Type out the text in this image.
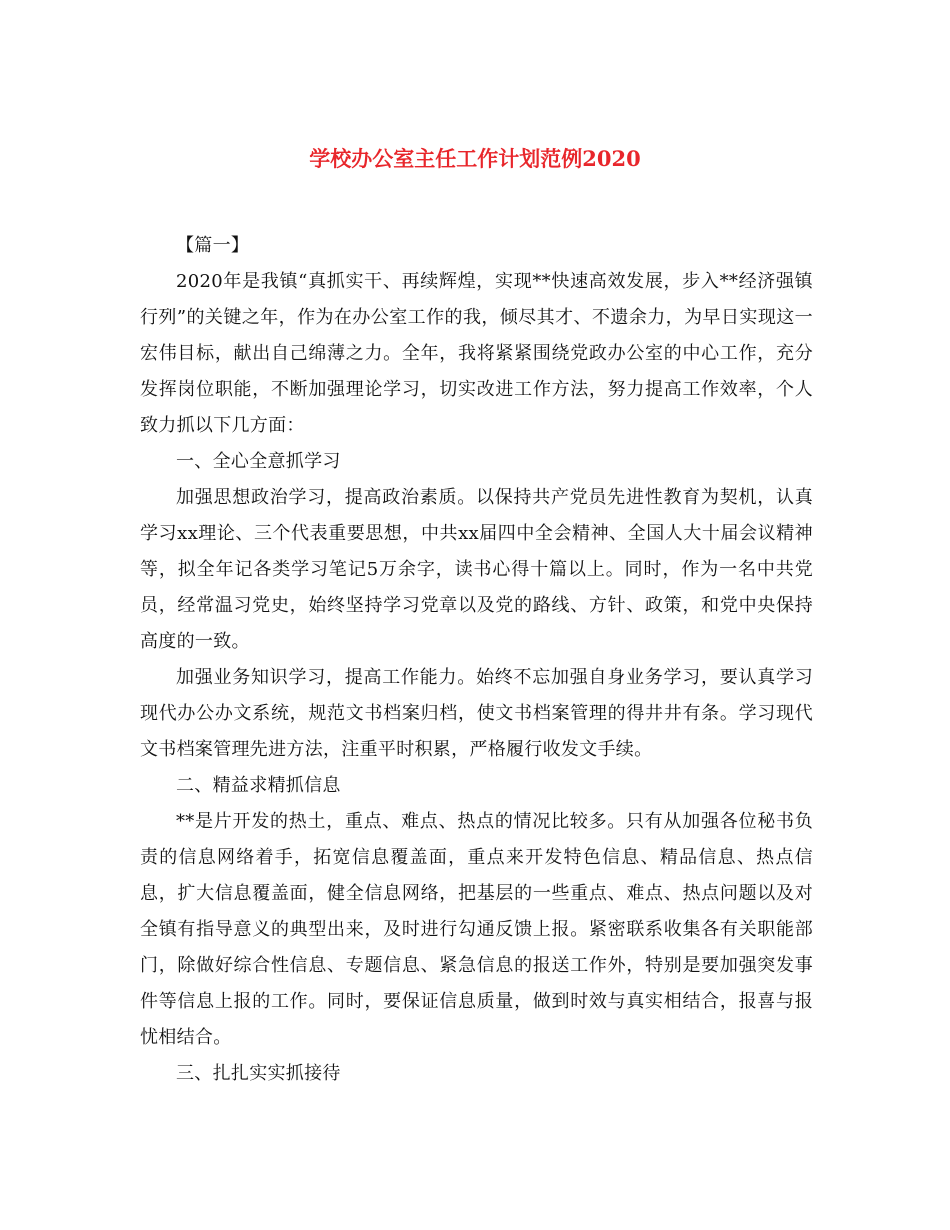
学校办公室主任工作计划范例2020

【篇一】

2020年是我镇“真抓实干、再续辉煌，实现**快速高效发展，步入**经济强镇行列”的关键之年，作为在办公室工作的我，倾尽其才、不遗余力，为早日实现这一宏伟目标，献出自己绵薄之力。全年，我将紧紧围绕党政办公室的中心工作，充分发挥岗位职能，不断加强理论学习，切实改进工作方法，努力提高工作效率，个人致力抓以下几方面：

一、全心全意抓学习

加强思想政治学习，提高政治素质。以保持共产党员先进性教育为契机，认真学习xx理论、三个代表重要思想，中共xx届四中全会精神、全国人大十届会议精神等，拟全年记各类学习笔记5万余字，读书心得十篇以上。同时，作为一名中共党员，经常温习党史，始终坚持学习党章以及党的路线、方针、政策，和党中央保持高度的一致。

加强业务知识学习，提高工作能力。始终不忘加强自身业务学习，要认真学习现代办公办文系统，规范文书档案归档，使文书档案管理的得井井有条。学习现代文书档案管理先进方法，注重平时积累，严格履行收发文手续。

二、精益求精抓信息

**是片开发的热土，重点、难点、热点的情况比较多。只有从加强各位秘书负责的信息网络着手，拓宽信息覆盖面，重点来开发特色信息、精品信息、热点信息，扩大信息覆盖面，健全信息网络，把基层的一些重点、难点、热点问题以及对全镇有指导意义的典型出来，及时进行勾通反馈上报。紧密联系收集各有关职能部门，除做好综合性信息、专题信息、紧急信息的报送工作外，特别是要加强突发事件等信息上报的工作。同时，要保证信息质量，做到时效与真实相结合，报喜与报忧相结合。

三、扎扎实实抓接待
